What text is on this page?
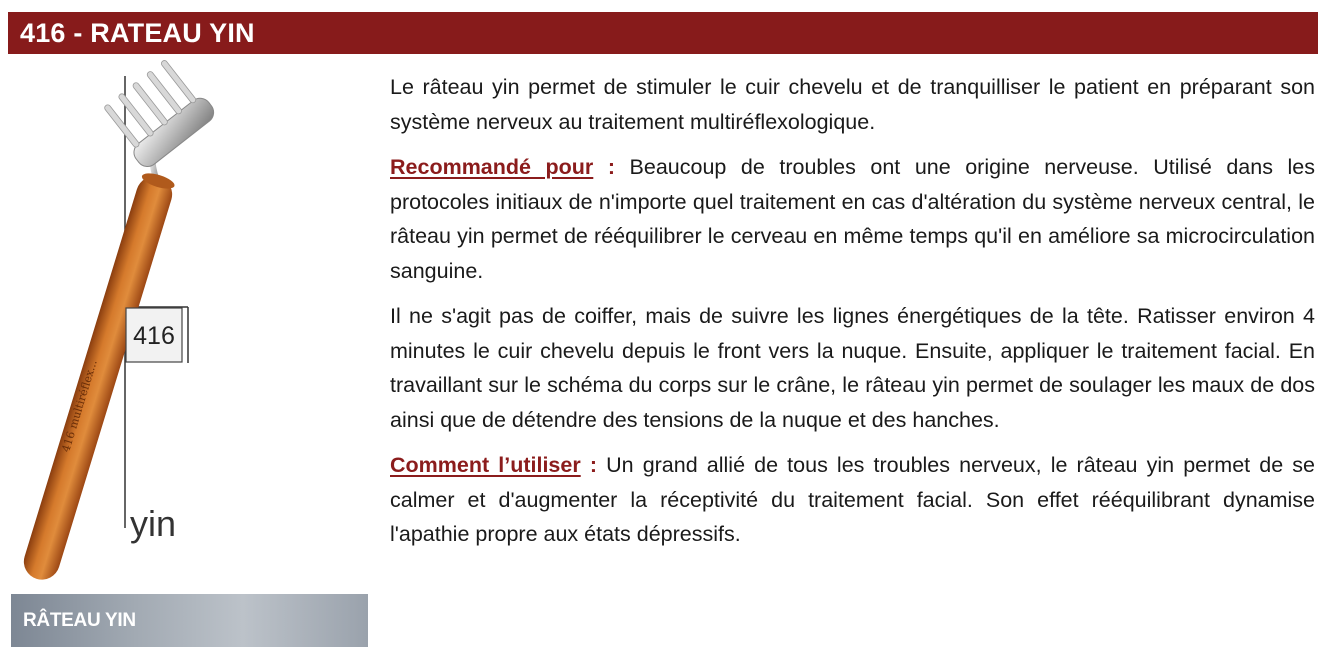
416 - RATEAU YIN
416 multiréflex...
416
yin
RÂTEAU YIN

Le râteau yin permet de stimuler le cuir chevelu et de tranquilliser le patient en préparant son système nerveux au traitement multiréflexologique.

Recommandé pour : Beaucoup de troubles ont une origine nerveuse. Utilisé dans les protocoles initiaux de n'importe quel traitement en cas d'altération du système nerveux central, le râteau yin permet de rééquilibrer le cerveau en même temps qu'il en améliore sa microcirculation sanguine.

Il ne s'agit pas de coiffer, mais de suivre les lignes énergétiques de la tête. Ratisser environ 4 minutes le cuir chevelu depuis le front vers la nuque. Ensuite, appliquer le traitement facial. En travaillant sur le schéma du corps sur le crâne, le râteau yin permet de soulager les maux de dos ainsi que de détendre des tensions de la nuque et des hanches.

Comment l’utiliser : Un grand allié de tous les troubles nerveux, le râteau yin permet de se calmer et d'augmenter la réceptivité du traitement facial. Son effet rééquilibrant dynamise l'apathie propre aux états dépressifs.
